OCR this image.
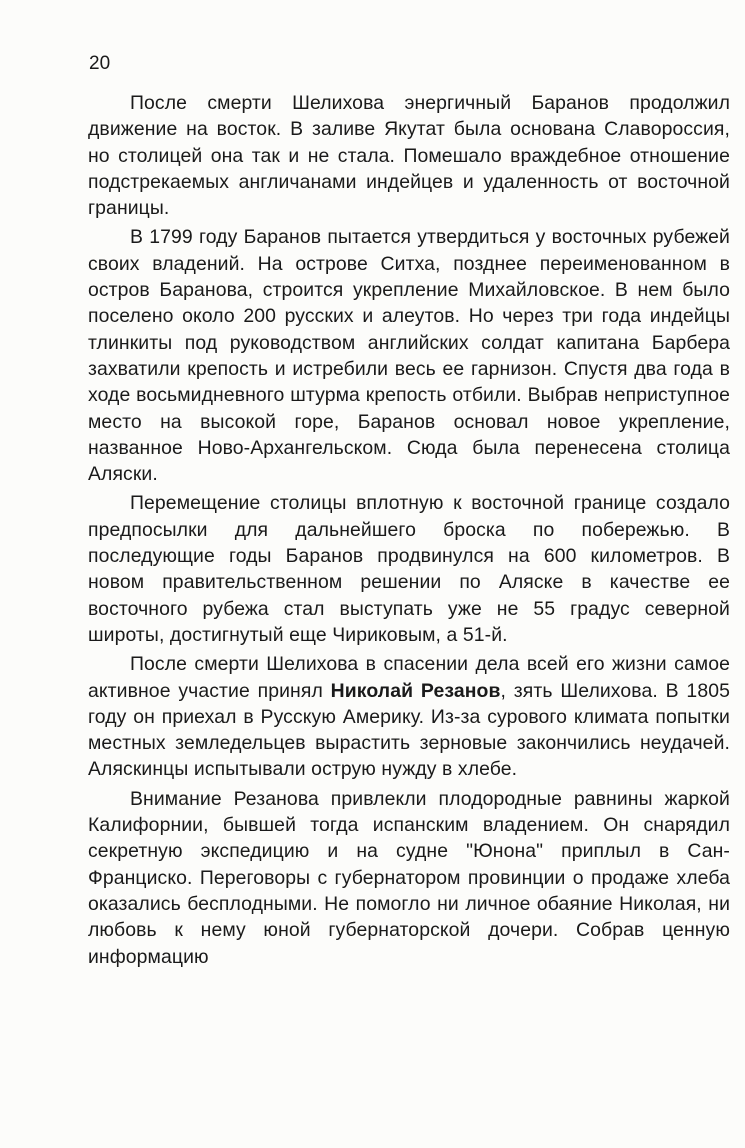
20

После смерти Шелихова энергичный Баранов продолжил движение на восток. В заливе Якутат была основана Славороссия, но столицей она так и не стала. Помешало враждебное отношение подстрекаемых англичанами индейцев и удаленность от восточной границы.

В 1799 году Баранов пытается утвердиться у восточных рубежей своих владений. На острове Ситха, позднее переименованном в остров Баранова, строится укрепление Михайловское. В нем было поселено около 200 русских и алеутов. Но через три года индейцы тлинкиты под руководством английских солдат капитана Барбера захватили крепость и истребили весь ее гарнизон. Спустя два года в ходе восьмидневного штурма крепость отбили. Выбрав неприступное место на высокой горе, Баранов основал новое укрепление, названное Ново-Архангельском. Сюда была перенесена столица Аляски.

Перемещение столицы вплотную к восточной границе создало предпосылки для дальнейшего броска по побережью. В последующие годы Баранов продвинулся на 600 километров. В новом правительственном решении по Аляске в качестве ее восточного рубежа стал выступать уже не 55 градус северной широты, достигнутый еще Чириковым, а 51-й.

После смерти Шелихова в спасении дела всей его жизни самое активное участие принял Николай Резанов, зять Шелихова. В 1805 году он приехал в Русскую Америку. Из-за сурового климата попытки местных земледельцев вырастить зерновые закончились неудачей. Аляскинцы испытывали острую нужду в хлебе.

Внимание Резанова привлекли плодородные равнины жаркой Калифорнии, бывшей тогда испанским владением. Он снарядил секретную экспедицию и на судне "Юнона" приплыл в Сан-Франциско. Переговоры с губернатором провинции о продаже хлеба оказались бесплодными. Не помогло ни личное обаяние Николая, ни любовь к нему юной губернаторской дочери. Собрав ценную информацию
